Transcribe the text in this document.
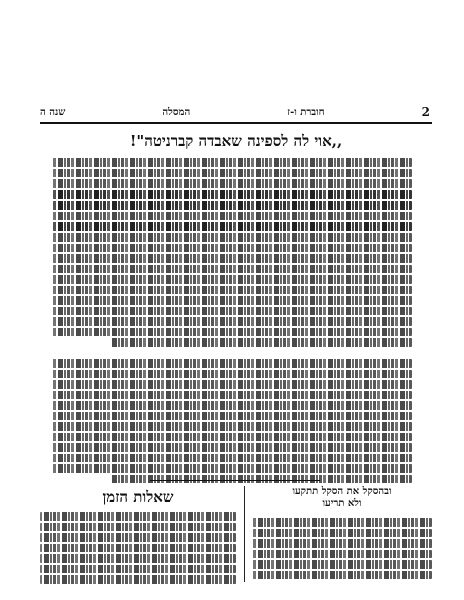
2
חוברת ו-ז
המסלה
שנה ה
,,אוי לה לספינה שאבדה קברניטה"!
שאלות הזמן	ובהסקל את הסקל תתקעו
ולא תריעו
